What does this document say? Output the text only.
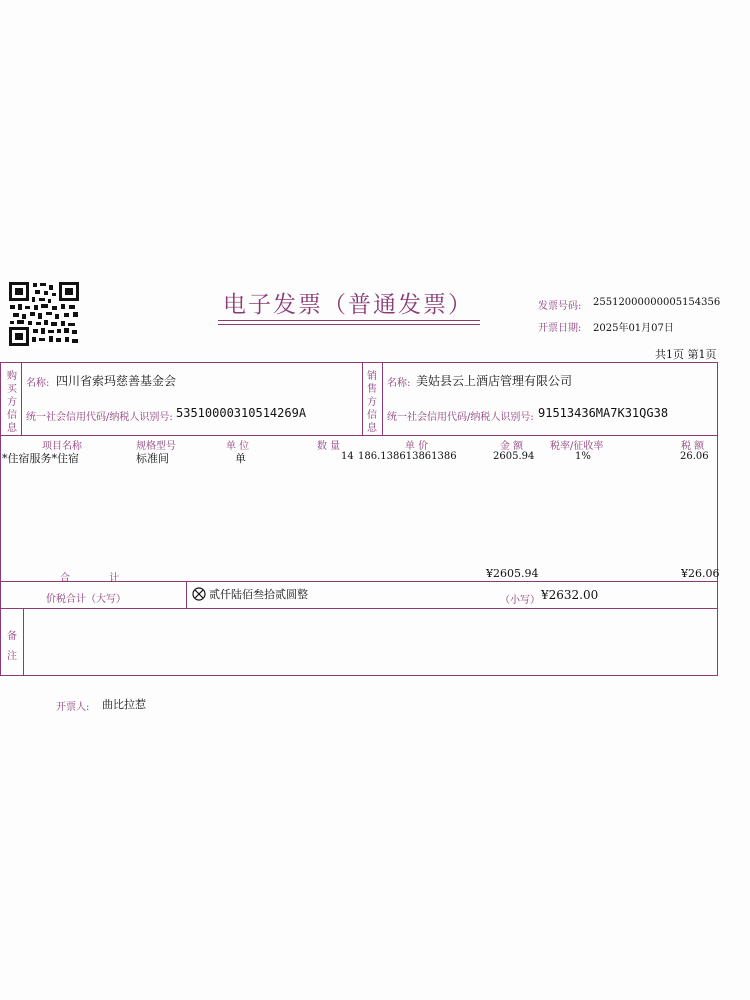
电子发票（普通发票）	发票号码: 25512000000005154356
开票日期: 2025年01月07日
共1页 第1页
购买方信息
名称: 四川省索玛慈善基金会
统一社会信用代码/纳税人识别号: 53510000310514269A
销售方信息
名称: 美姑县云上酒店管理有限公司
统一社会信用代码/纳税人识别号: 91513436MA7K31QG38
项目名称	规格型号	单 位	数 量	单 价	金 额	税率/征收率	税 额
*住宿服务*住宿	标准间	单	14 186.138613861386	2605.94	1%	26.06
合 计	¥2605.94	¥26.06
价税合计（大写）	贰仟陆佰叁拾贰圆整	（小写） ¥2632.00
备注
开票人: 曲比拉惹
